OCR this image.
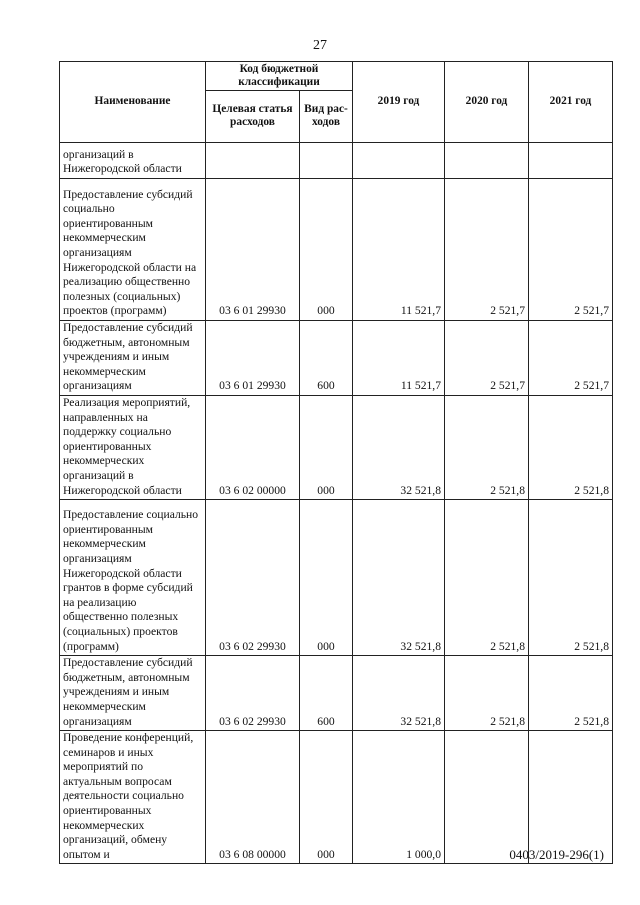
27
Наименование	Код бюджетной классификации		2019 год	2020 год	2021 год
	Целевая статья расходов	Вид рас-ходов			
организаций в Нижегородской области					
Предоставление субсидий социально ориентированным некоммерческим организациям Нижегородской области на реализацию общественно полезных (социальных) проектов (программ)	03 6 01 29930	000	11 521,7	2 521,7	2 521,7
Предоставление субсидий бюджетным, автономным учреждениям и иным некоммерческим организациям	03 6 01 29930	600	11 521,7	2 521,7	2 521,7
Реализация мероприятий, направленных на поддержку социально ориентированных некоммерческих организаций в Нижегородской области	03 6 02 00000	000	32 521,8	2 521,8	2 521,8
Предоставление социально ориентированным некоммерческим организациям Нижегородской области грантов в форме субсидий на реализацию общественно полезных (социальных) проектов (программ)	03 6 02 29930	000	32 521,8	2 521,8	2 521,8
Предоставление субсидий бюджетным, автономным учреждениям и иным некоммерческим организациям	03 6 02 29930	600	32 521,8	2 521,8	2 521,8
Проведение конференций, семинаров и иных мероприятий по актуальным вопросам деятельности социально ориентированных некоммерческих организаций, обмену опытом и	03 6 08 00000	000	1 000,0			0403/2019-296(1)
